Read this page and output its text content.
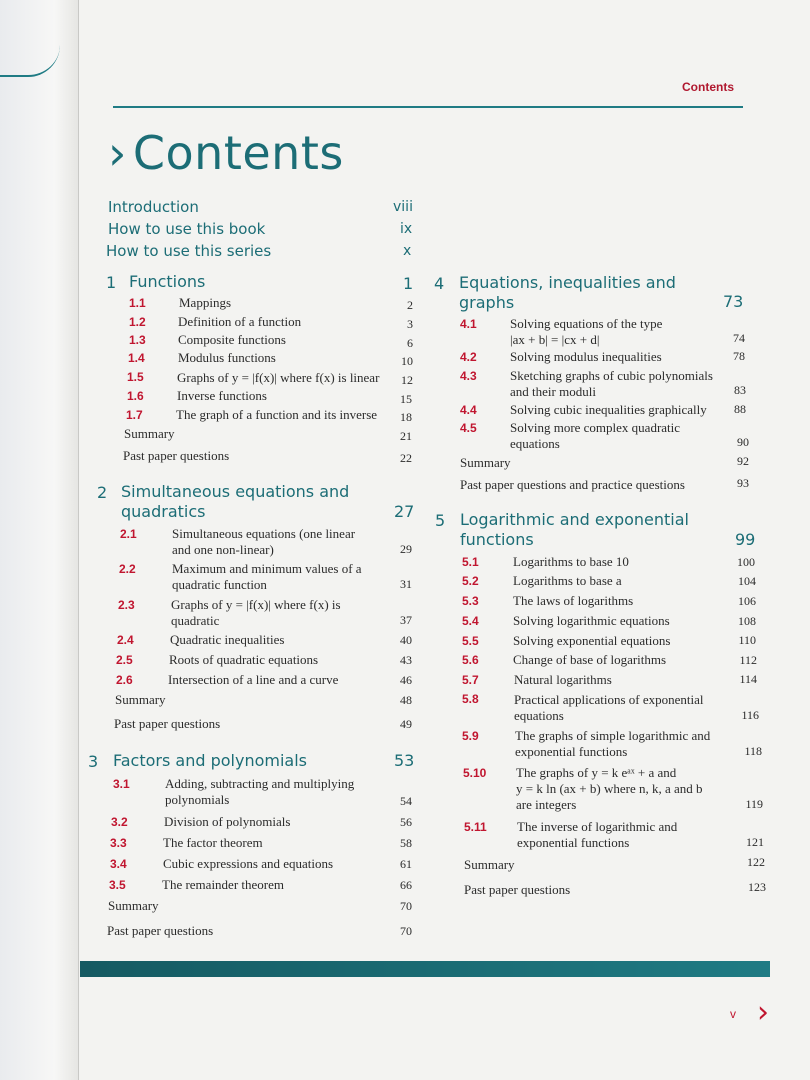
Contents
› Contents
Introduction	viii
How to use this book	ix
How to use this series	x
1 Functions	1
1.1	Mappings	2
1.2 Definition of a function	3
1.3 Composite functions	6
1.4	Modulus functions	10
1.5	Graphs of y = |f(x)| where f(x) is linear	12
1.6	Inverse functions	15
1.7	The graph of a function and its inverse	18
Summary	21
Past paper questions	22
2 Simultaneous equations and
quadratics	27
2.1	Simultaneous equations (one linear
and one non-linear)	29
2.2	Maximum and minimum values of a
quadratic function	31
2.3	Graphs of y = |f(x)| where f(x) is
quadratic	37
2.4	Quadratic inequalities	40
2.5	Roots of quadratic equations	43
2.6	Intersection of a line and a curve	46
Summary	48
Past paper questions	49
3 Factors and polynomials	53
3.1	Adding, subtracting and multiplying
polynomials	54
3.2	Division of polynomials	56
3.3	The factor theorem	58
3.4	Cubic expressions and equations	61
3.5	The remainder theorem	66
Summary	70
Past paper questions	70
4 Equations, inequalities and
graphs	73
4.1	Solving equations of the type
|ax + b| = |cx + d|	74
4.2	Solving modulus inequalities	78
4.3	Sketching graphs of cubic polynomials
and their moduli	83
4.4	Solving cubic inequalities graphically	88
4.5	Solving more complex quadratic
equations	90
Summary	92
Past paper questions and practice questions	93
5 Logarithmic and exponential
functions	99
5.1	Logarithms to base 10	100
5.2	Logarithms to base a	104
5.3	The laws of logarithms	106
5.4	Solving logarithmic equations	108
5.5	Solving exponential equations	110
5.6	Change of base of logarithms	112
5.7	Natural logarithms	114
5.8	Practical applications of exponential
equations	116
5.9	The graphs of simple logarithmic and
exponential functions	118
5.10 The graphs of y = k eᵃˣ + a and
y = k ln (ax + b) where n, k, a and b
are integers	119
5.11 The inverse of logarithmic and
exponential functions	121
Summary	122
Past paper questions	123
v ›
